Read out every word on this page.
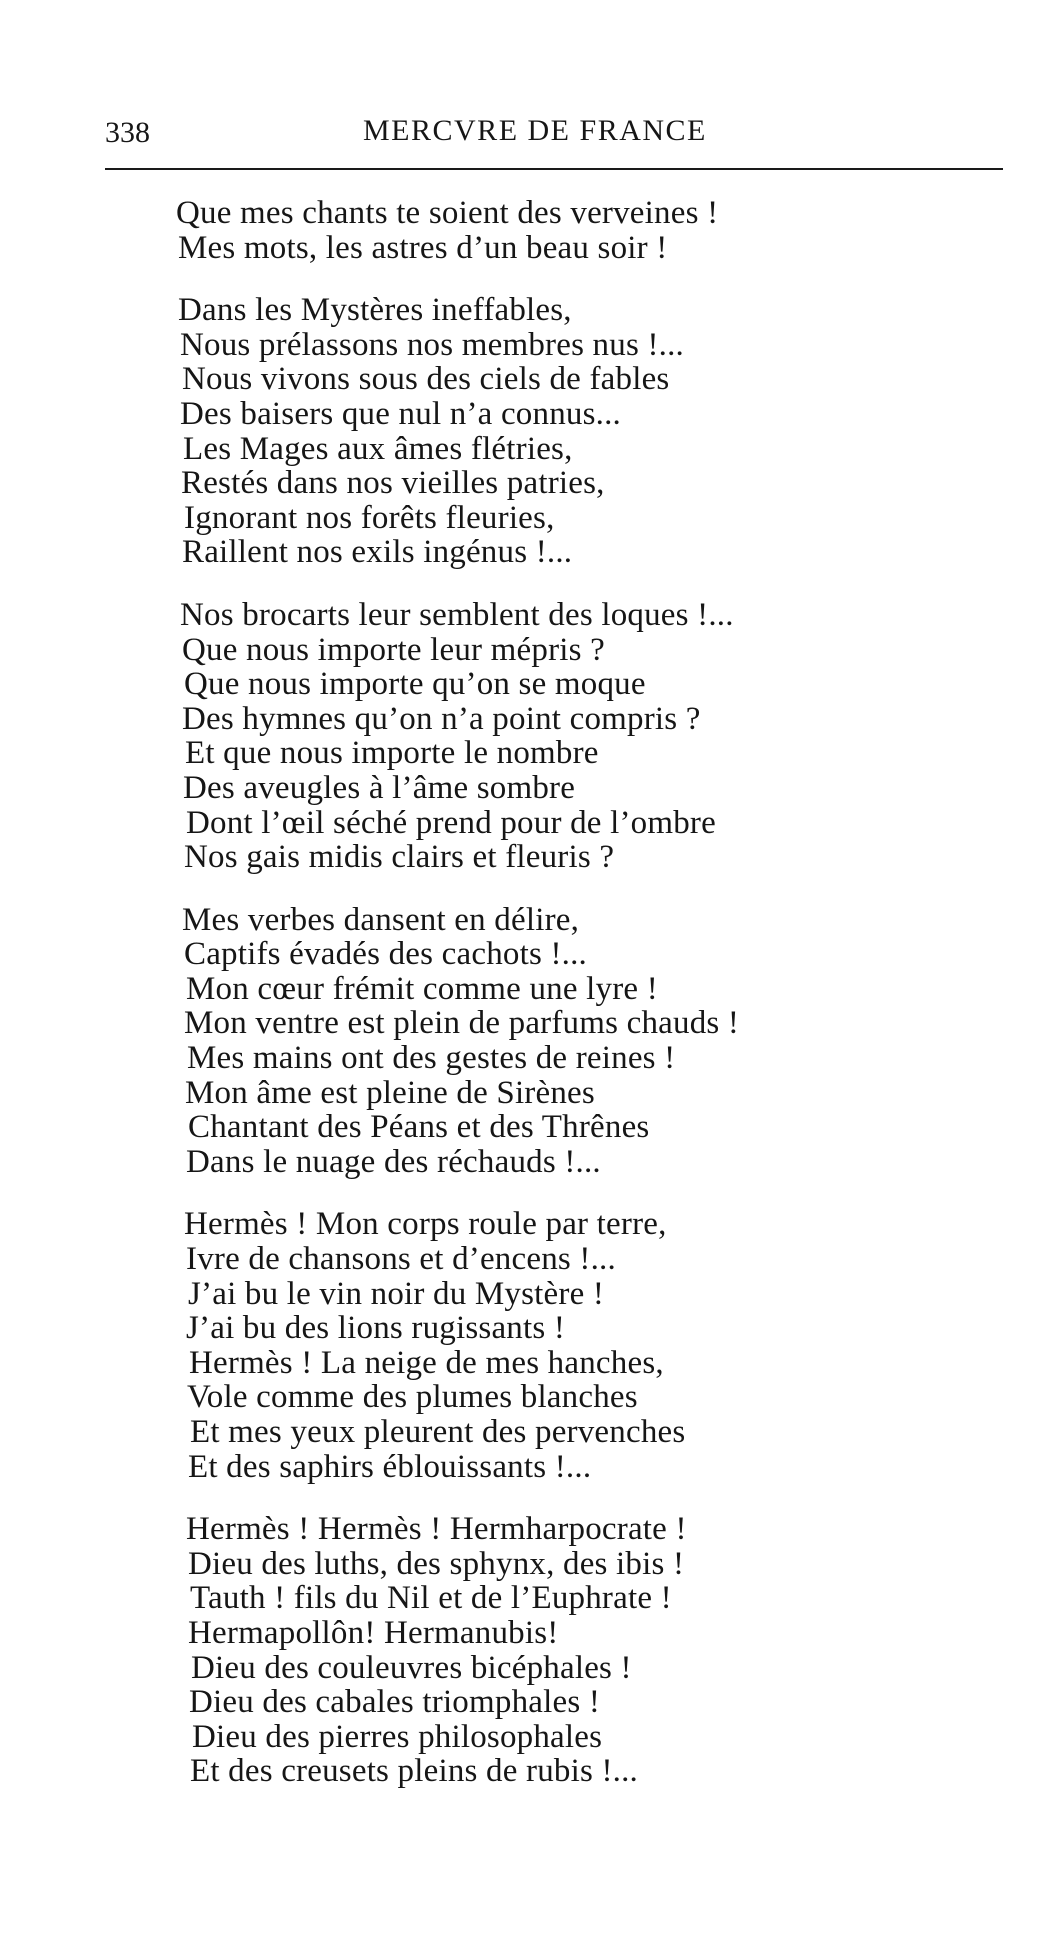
338	MERCVRE DE FRANCE
Que mes chants te soient des verveines !
Mes mots, les astres d’un beau soir !
Dans les Mystères ineffables,
Nous prélassons nos membres nus !...
Nous vivons sous des ciels de fables
Des baisers que nul n’a connus...
Les Mages aux âmes flétries,
Restés dans nos vieilles patries,
Ignorant nos forêts fleuries,
Raillent nos exils ingénus !...
Nos brocarts leur semblent des loques !...
Que nous importe leur mépris ?
Que nous importe qu’on se moque
Des hymnes qu’on n’a point compris ?
Et que nous importe le nombre
Des aveugles à l’âme sombre
Dont l’œil séché prend pour de l’ombre
Nos gais midis clairs et fleuris ?
Mes verbes dansent en délire,
Captifs évadés des cachots !...
Mon cœur frémit comme une lyre !
Mon ventre est plein de parfums chauds !
Mes mains ont des gestes de reines !
Mon âme est pleine de Sirènes
Chantant des Péans et des Thrênes
Dans le nuage des réchauds !...
Hermès ! Mon corps roule par terre,
Ivre de chansons et d’encens !...
J’ai bu le vin noir du Mystère !
J’ai bu des lions rugissants !
Hermès ! La neige de mes hanches,
Vole comme des plumes blanches
Et mes yeux pleurent des pervenches
Et des saphirs éblouissants !...
Hermès ! Hermès ! Hermharpocrate !
Dieu des luths, des sphynx, des ibis !
Tauth ! fils du Nil et de l’Euphrate !
Hermapollôn! Hermanubis!
Dieu des couleuvres bicéphales !
Dieu des cabales triomphales !
Dieu des pierres philosophales
Et des creusets pleins de rubis !...
